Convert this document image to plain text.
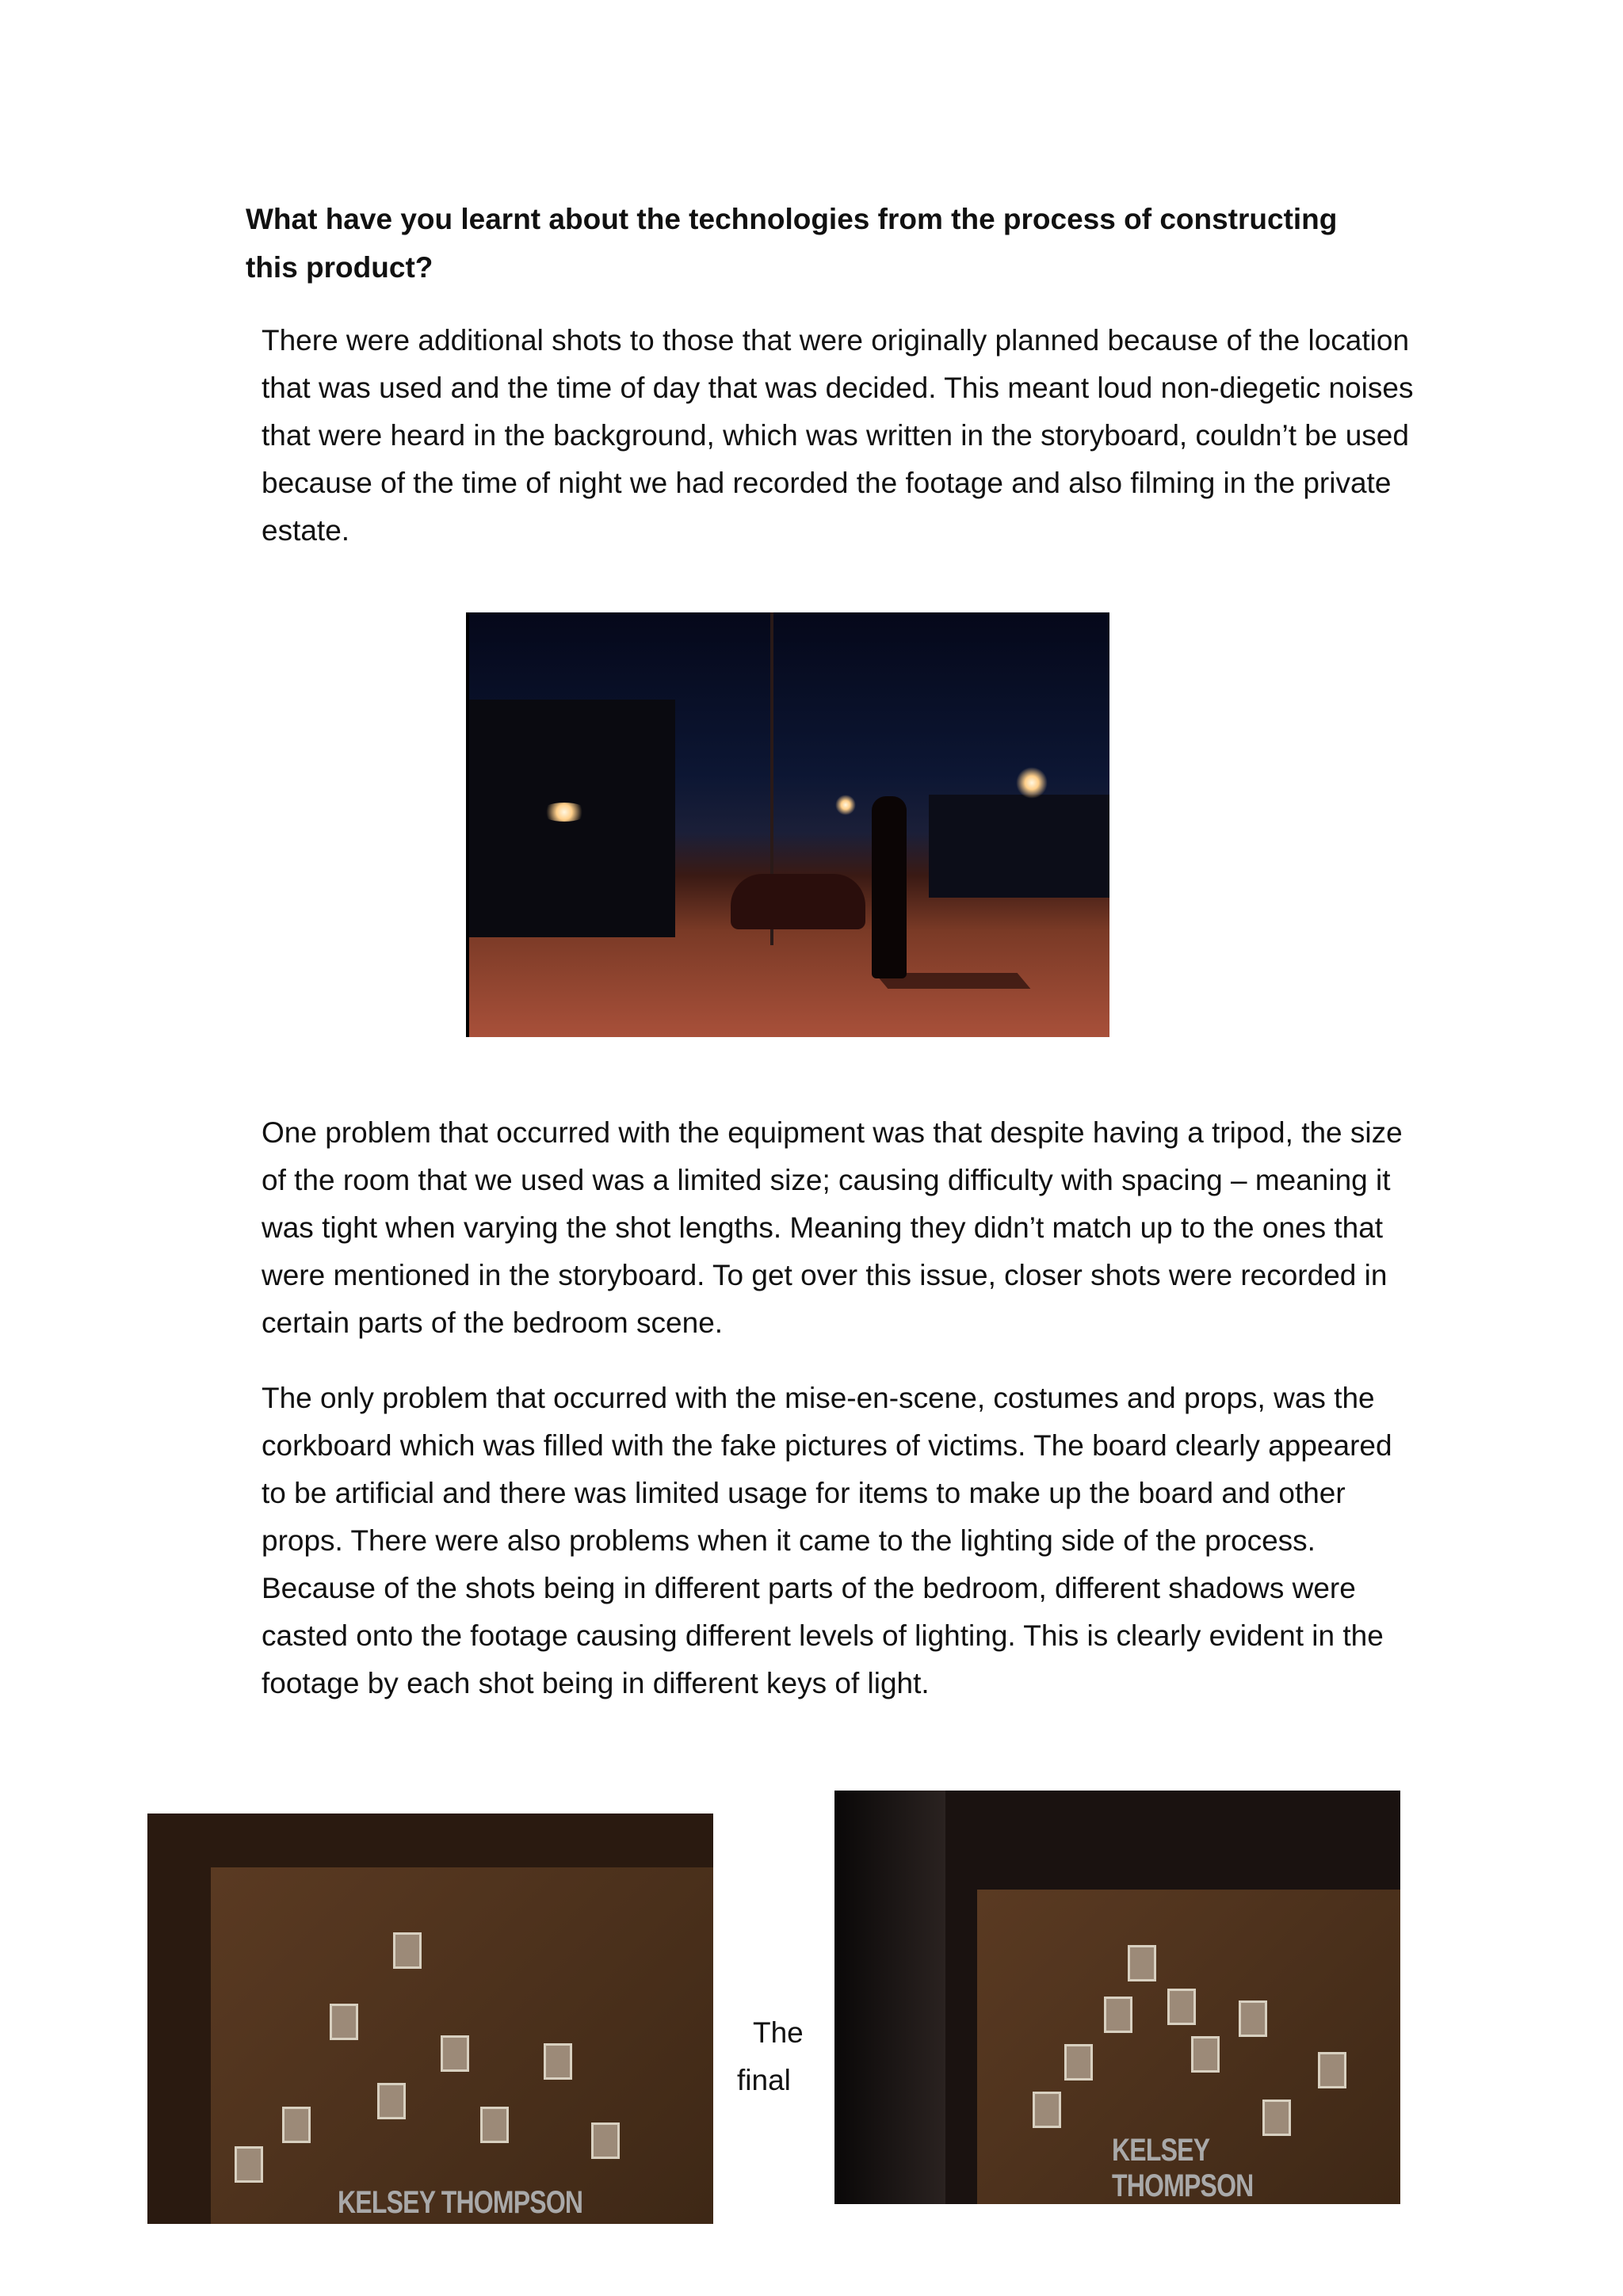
What have you learnt about the technologies from the process of constructing this product?

There were additional shots to those that were originally planned because of the location that was used and the time of day that was decided. This meant loud non-diegetic noises that were heard in the background, which was written in the storyboard, couldn’t be used because of the time of night we had recorded the footage and also filming in the private estate.

One problem that occurred with the equipment was that despite having a tripod, the size of the room that we used was a limited size; causing difficulty with spacing – meaning it was tight when varying the shot lengths. Meaning they didn’t match up to the ones that were mentioned in the storyboard. To get over this issue, closer shots were recorded in certain parts of the bedroom scene.

The only problem that occurred with the mise-en-scene, costumes and props, was the corkboard which was filled with the fake pictures of victims. The board clearly appeared to be artificial and there was limited usage for items to make up the board and other props. There were also problems when it came to the lighting side of the process. Because of the shots being in different parts of the bedroom, different shadows were casted onto the footage causing different levels of lighting. This is clearly evident in the footage by each shot being in different keys of light.

KELSEY THOMPSON
The
final
KELSEY THOMPSON
